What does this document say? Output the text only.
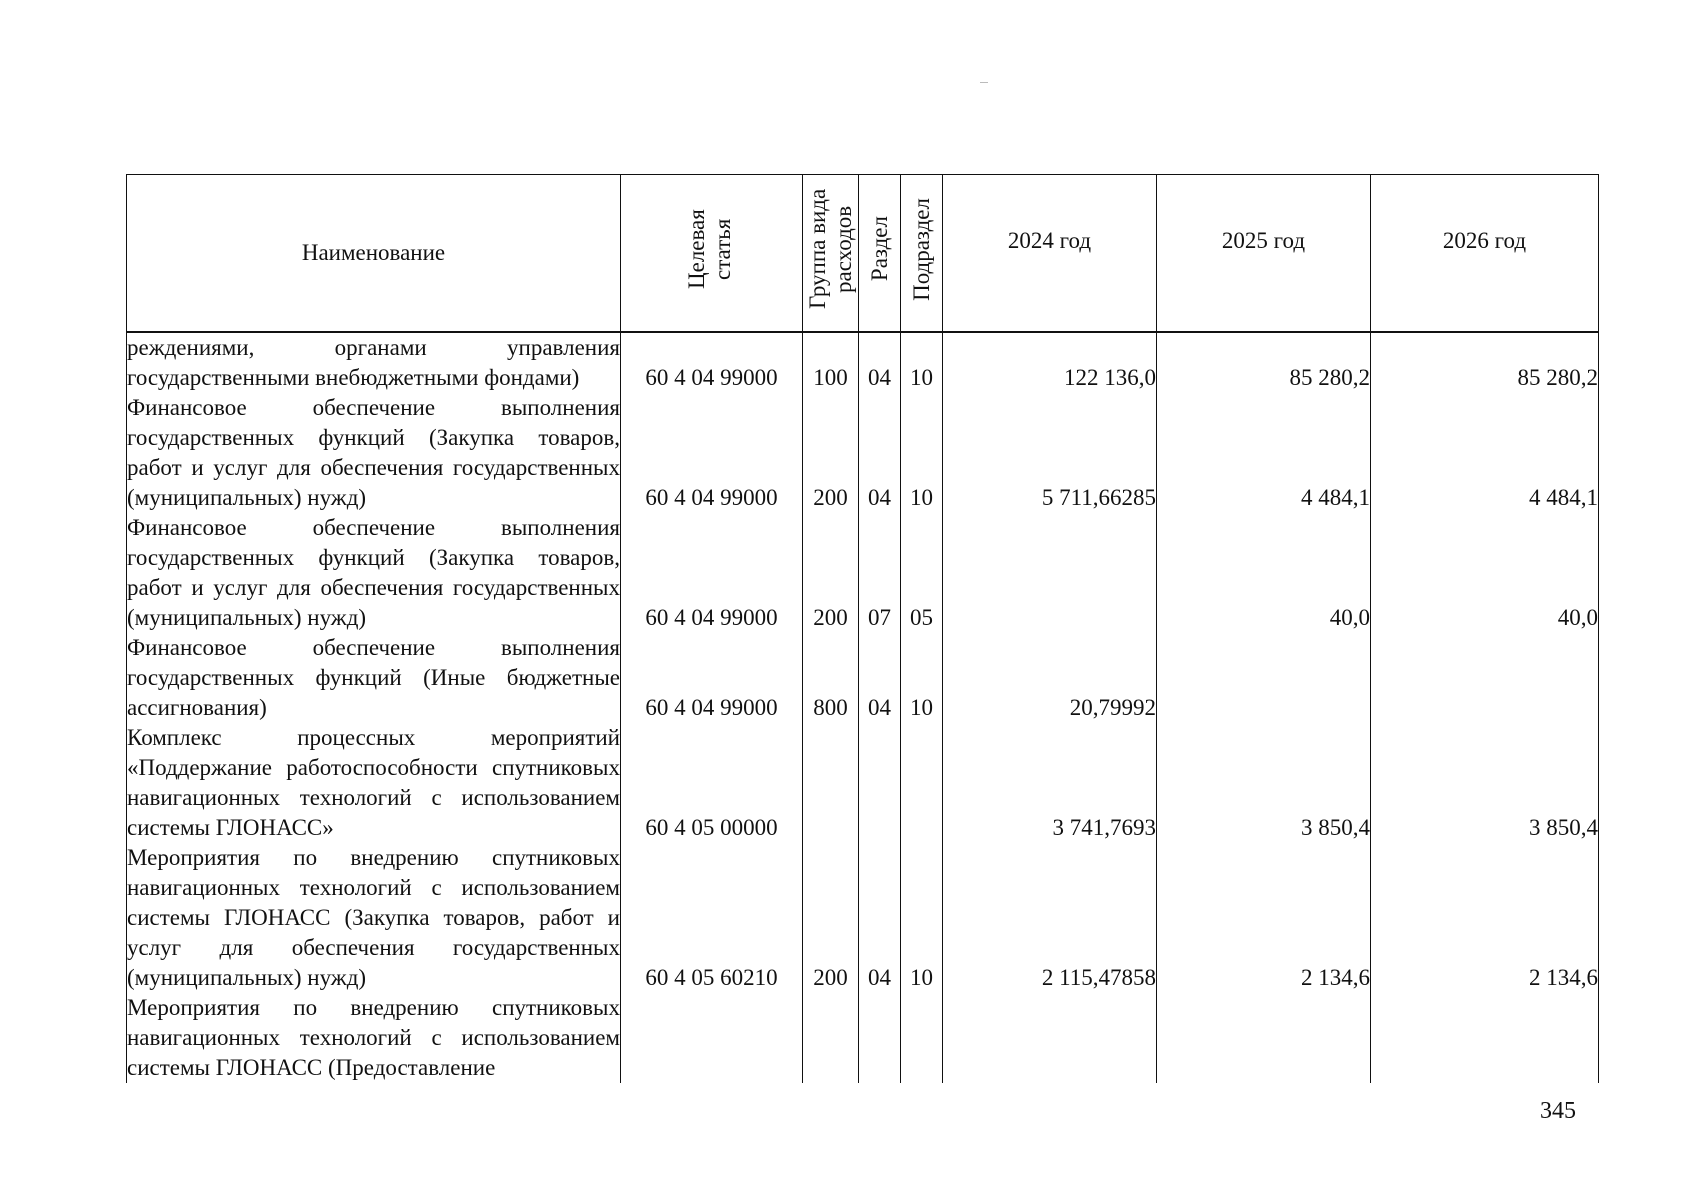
Наименование	Целевая статья	Группа вида расходов	Раздел	Подраздел	2024 год	2025 год	2026 год
реждениями, органами управления государственными внебюджетными фондами)	60 4 04 99000	100	04	10	122 136,0	85 280,2	85 280,2
Финансовое обеспечение выполнения государственных функций (Закупка товаров, работ и услуг для обеспечения государственных (муниципальных) нужд)	60 4 04 99000	200	04	10	5 711,66285	4 484,1	4 484,1
Финансовое обеспечение выполнения государственных функций (Закупка товаров, работ и услуг для обеспечения государственных (муниципальных) нужд)	60 4 04 99000	200	07	05		40,0	40,0
Финансовое обеспечение выполнения государственных функций (Иные бюджетные ассигнования)	60 4 04 99000	800	04	10	20,79992		
Комплекс процессных мероприятий «Поддержание работоспособности спутниковых навигационных технологий с использованием системы ГЛОНАСС»	60 4 05 00000				3 741,7693	3 850,4	3 850,4
Мероприятия по внедрению спутниковых навигационных технологий с использованием системы ГЛОНАСС (Закупка товаров, работ и услуг для обеспечения государственных (муниципальных) нужд)	60 4 05 60210	200	04	10	2 115,47858	2 134,6	2 134,6
Мероприятия по внедрению спутниковых навигационных технологий с использованием системы ГЛОНАСС (Предоставление							
345
